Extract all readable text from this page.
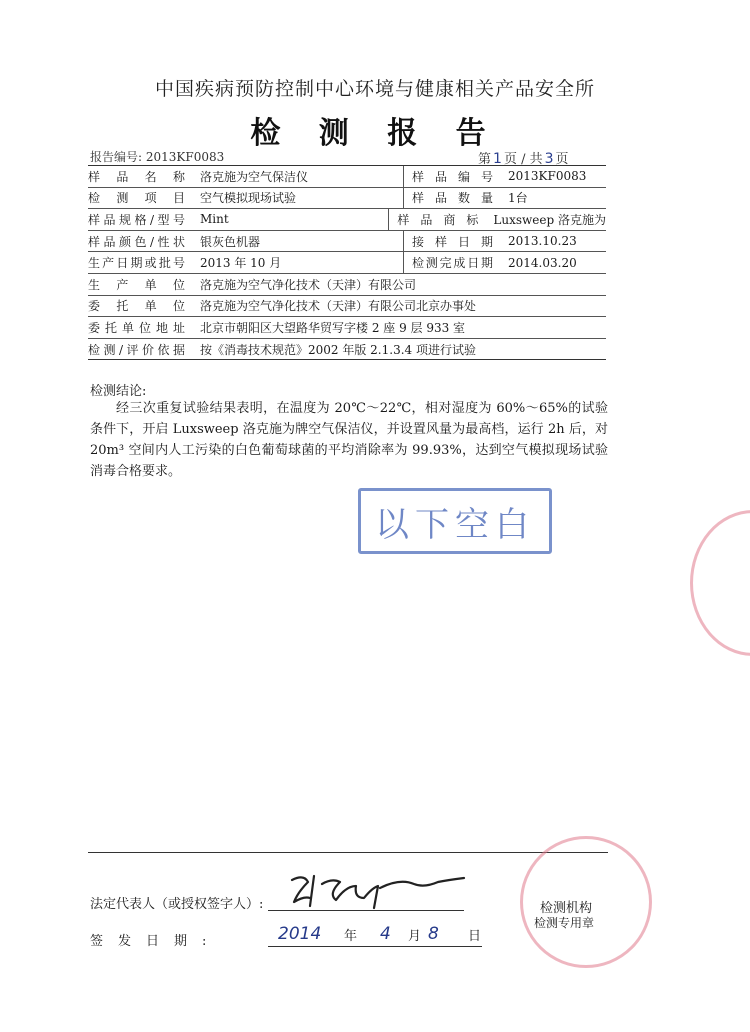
中国疾病预防控制中心环境与健康相关产品安全所
检 测 报 告
报告编号: 2013KF0083	第 1 页 / 共 3 页
样品名称	洛克施为空气保洁仪	样品编号	2013KF0083
检测项目	空气模拟现场试验	样品数量	1台
样品规格/型号	Mint	样品商标	Luxsweep 洛克施为
样品颜色/性状	银灰色机器	接样日期	2013.10.23
生产日期或批号	2013 年 10 月	检测完成日期	2014.03.20
生产单位	洛克施为空气净化技术（天津）有限公司
委托单位	洛克施为空气净化技术（天津）有限公司北京办事处
委托单位地址	北京市朝阳区大望路华贸写字楼 2 座 9 层 933 室
检测/评价依据	按《消毒技术规范》2002 年版 2.1.3.4 项进行试验
检测结论:
经三次重复试验结果表明，在温度为 20℃～22℃，相对湿度为 60%～65%的试验条件下，开启 Luxsweep 洛克施为牌空气保洁仪，并设置风量为最高档，运行 2h 后，对 20m³ 空间内人工污染的白色葡萄球菌的平均消除率为 99.93%，达到空气模拟现场试验消毒合格要求。
以下空白
法定代表人（或授权签字人）:
签发日期:	2014 年 4 月 8 日
检测机构
检测专用章
